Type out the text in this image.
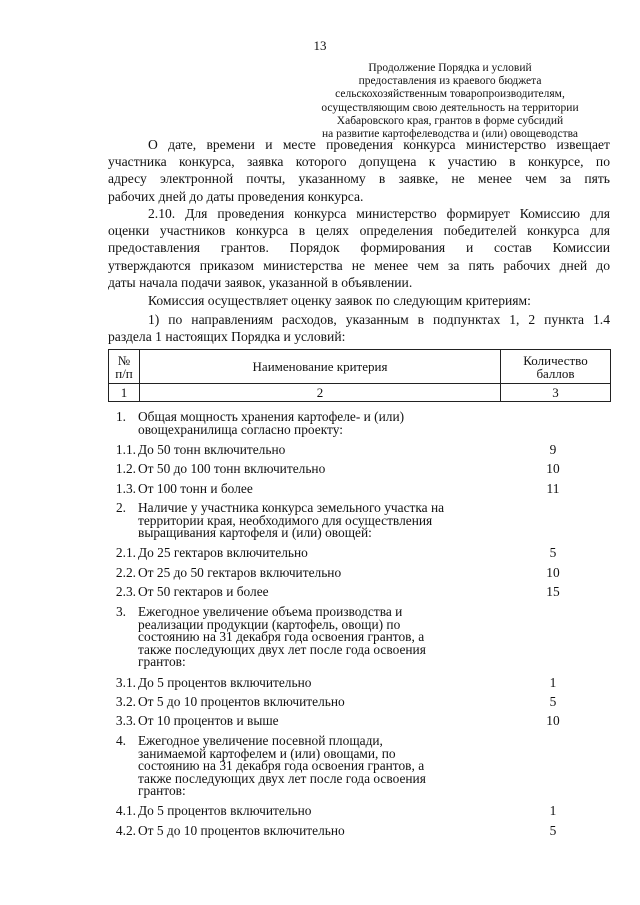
13
Продолжение Порядка и условий
предоставления из краевого бюджета
сельскохозяйственным товаропроизводителям,
осуществляющим свою деятельность на территории
Хабаровского края, грантов в форме субсидий
на развитие картофелеводства и (или) овощеводства
О дате, времени и месте проведения конкурса министерство извещает
участника конкурса, заявка которого допущена к участию в конкурсе, по
адресу электронной почты, указанному в заявке, не менее чем за пять
рабочих дней до даты проведения конкурса.
2.10. Для проведения конкурса министерство формирует Комиссию для
оценки участников конкурса в целях определения победителей конкурса для
предоставления грантов. Порядок формирования и состав Комиссии
утверждаются приказом министерства не менее чем за пять рабочих дней до
даты начала подачи заявок, указанной в объявлении.
Комиссия осуществляет оценку заявок по следующим критериям:
1) по направлениям расходов, указанным в подпунктах 1, 2 пункта 1.4
раздела 1 настоящих Порядка и условий:
№ п/п	Наименование критерия	Количество баллов
1	2	3
1. Общая мощность хранения картофеле- и (или)
овощехранилища согласно проекту:
1.1. До 50 тонн включительно	9
1.2. От 50 до 100 тонн включительно	10
1.3. От 100 тонн и более	11
2. Наличие у участника конкурса земельного участка на
территории края, необходимого для осуществления
выращивания картофеля и (или) овощей:
2.1. До 25 гектаров включительно	5
2.2. От 25 до 50 гектаров включительно	10
2.3. От 50 гектаров и более	15
3. Ежегодное увеличение объема производства и
реализации продукции (картофель, овощи) по
состоянию на 31 декабря года освоения грантов, а
также последующих двух лет после года освоения
грантов:
3.1. До 5 процентов включительно	1
3.2. От 5 до 10 процентов включительно	5
3.3. От 10 процентов и выше	10
4. Ежегодное увеличение посевной площади,
занимаемой картофелем и (или) овощами, по
состоянию на 31 декабря года освоения грантов, а
также последующих двух лет после года освоения
грантов:
4.1. До 5 процентов включительно	1
4.2. От 5 до 10 процентов включительно	5
